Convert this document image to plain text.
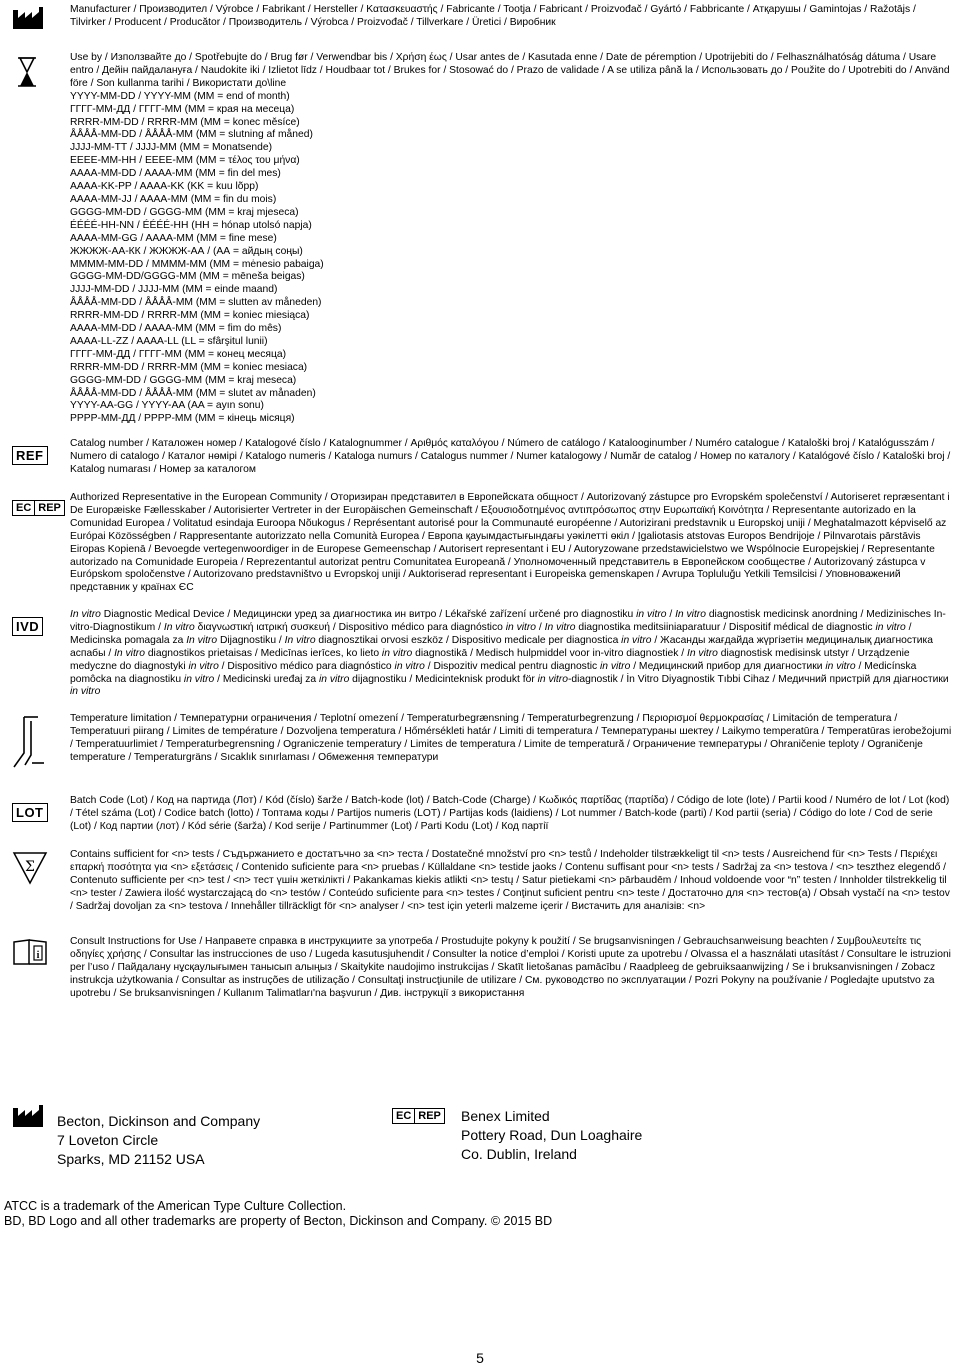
Manufacturer / Производител / Výrobce / Fabrikant / Hersteller / Κατασκευαστής / Fabricante / Tootja / Fabricant / Proizvođač / Gyártó / Fabbricante / Атқарушы / Gamintojas / Ražotājs / Tilvirker / Producent / Producător / Производитель / Výrobca / Proizvođač / Tillverkare / Üretici / Виробник

Use by / Използвайте до / Spotřebujte do / Brug før / Verwendbar bis / Χρήση έως / Usar antes de / Kasutada enne / Date de péremption / Upotrijebiti do / Felhasználhatóság dátuma / Usare entro / Дейін пайдалануға / Naudokite iki / Izlietot līdz / Houdbaar tot / Brukes for / Stosować do / Prazo de validade / A se utiliza până la / Использовать до / Použite do / Upotrebiti do / Använd före / Son kullanma tarihi / Використати до\line

YYYY-MM-DD / YYYY-MM (MM = end of month)
ГГГГ-ММ-ДД / ГГГГ-ММ (ММ = края на месеца)
RRRR-MM-DD / RRRR-MM (MM = konec měsíce)
ÅÅÅÅ-MM-DD / ÅÅÅÅ-MM (MM = slutning af måned)
JJJJ-MM-TT / JJJJ-MM (MM = Monatsende)
ΕΕΕΕ-ΜΜ-ΗΗ / ΕΕΕΕ-ΜΜ (ΜΜ = τέλος του μήνα)
AAAA-MM-DD / AAAA-MM (MM = fin del mes)
AAAA-KK-PP / AAAA-KK (KK = kuu lõpp)
AAAA-MM-JJ / AAAA-MM (MM = fin du mois)
GGGG-MM-DD / GGGG-MM (MM = kraj mjeseca)
ÉÉÉÉ-HH-NN / ÉÉÉÉ-HH (HH = hónap utolsó napja)
AAAA-MM-GG / AAAA-MM (MM = fine mese)
ЖЖЖЖ-АА-КК / ЖЖЖЖ-АА / (АА = айдың соңы)
MMMM-MM-DD / MMMM-MM (MM = mėnesio pabaiga)
GGGG-MM-DD/GGGG-MM (MM = mēneša beigas)
JJJJ-MM-DD / JJJJ-MM (MM = einde maand)
ÅÅÅÅ-MM-DD / ÅÅÅÅ-MM (MM = slutten av måneden)
RRRR-MM-DD / RRRR-MM (MM = koniec miesiąca)
AAAA-MM-DD / AAAA-MM (MM = fim do mês)
AAAA-LL-ZZ / AAAA-LL (LL = sfârşitul lunii)
ГГГГ-ММ-ДД / ГГГГ-ММ (ММ = конец месяца)
RRRR-MM-DD / RRRR-MM (MM = koniec mesiaca)
GGGG-MM-DD / GGGG-MM (MM = kraj meseca)
ÅÅÅÅ-MM-DD / ÅÅÅÅ-MM (MM = slutet av månaden)
YYYY-AA-GG / YYYY-AA (AA = ayın sonu)
РРРР-ММ-ДД / РРРР-ММ (ММ = кінець місяця)
REF
Catalog number / Каталожен номер / Katalogové číslo / Katalognummer / Αριθμός καταλόγου / Número de catálogo / Katalooginumber / Numéro catalogue / Kataloški broj / Katalógusszám / Numero di catalogo / Каталог нөмірі / Katalogo numeris / Kataloga numurs / Catalogus nummer / Numer katalogowy / Număr de catalog / Номер по каталогу / Katalógové číslo / Kataloški broj / Katalog numarası / Номер за каталогом
EC REP
Authorized Representative in the European Community / Оторизиран представител в Европейската общност / Autorizovaný zástupce pro Evropském společenství / Autoriseret repræsentant i De Europæiske Fællesskaber / Autorisierter Vertreter in der Europäischen Gemeinschaft / Εξουσιοδοτημένος αντιπρόσωπος στην Ευρωπαϊκή Κοινότητα / Representante autorizado en la Comunidad Europea / Volitatud esindaja Euroopa Nõukogus / Représentant autorisé pour la Communauté européenne / Autorizirani predstavnik u Europskoj uniji / Meghatalmazott képviselő az Európai Közösségben / Rappresentante autorizzato nella Comunità Europea / Европа қауымдастығындағы уәкілетті өкіл / Įgaliotasis atstovas Europos Bendrijoje / Pilnvarotais pārstāvis Eiropas Kopienā / Bevoegde vertegenwoordiger in de Europese Gemeenschap / Autorisert representant i EU / Autoryzowane przedstawicielstwo we Wspólnocie Europejskiej / Representante autorizado na Comunidade Europeia / Reprezentantul autorizat pentru Comunitatea Europeană / Уполномоченный представитель в Европейском сообществе / Autorizovaný zástupca v Európskom spoločenstve / Autorizovano predstavništvo u Evropskoj uniji / Auktoriserad representant i Europeiska gemenskapen / Avrupa Topluluğu Yetkili Temsilcisi / Уповноважений представник у країнах ЄС
IVD
In vitro Diagnostic Medical Device / Медицински уред за диагностика ин витро / Lékařské zařízení určené pro diagnostiku in vitro / In vitro diagnostisk medicinsk anordning / Medizinisches In-vitro-Diagnostikum / In vitro διαγνωστική ιατρική συσκευή / Dispositivo médico para diagnóstico in vitro / In vitro diagnostika meditsiiniaparatuur / Dispositif médical de diagnostic in vitro / Medicinska pomagala za In vitro Dijagnostiku / In vitro diagnosztikai orvosi eszköz / Dispositivo medicale per diagnostica in vitro / Жасанды жағдайда жүргізетін медициналық диагностика аспабы / In vitro diagnostikos prietaisas / Medicīnas ierīces, ko lieto in vitro diagnostikā / Medisch hulpmiddel voor in-vitro diagnostiek / In vitro diagnostisk medisinsk utstyr / Urządzenie medyczne do diagnostyki in vitro / Dispositivo médico para diagnóstico in vitro / Dispozitiv medical pentru diagnostic in vitro / Медицинский прибор для диагностики in vitro / Medicínska pomôcka na diagnostiku in vitro / Medicinski uređaj za in vitro dijagnostiku / Medicinteknisk produkt för in vitro-diagnostik / İn Vitro Diyagnostik Tıbbi Cihaz / Медичний пристрій для діагностики in vitro
Temperature limitation / Температурни ограничения / Teplotní omezení / Temperaturbegrænsning / Temperaturbegrenzung / Περιορισμοί θερμοκρασίας / Limitación de temperatura / Temperatuuri piirang / Limites de température / Dozvoljena temperatura / Hőmérsékleti határ / Limiti di temperatura / Температураны шектеу / Laikymo temperatūra / Temperatūras ierobežojumi / Temperatuurlimiet / Temperaturbegrensning / Ograniczenie temperatury / Limites de temperatura / Limite de temperatură / Ограничение температуры / Ohraničenie teploty / Ograničenje temperature / Temperaturgräns / Sıcaklık sınırlaması / Обмеження температури
LOT
Batch Code (Lot) / Код на партида (Лот) / Kód (číslo) šarže / Batch-kode (lot) / Batch-Code (Charge) / Κωδικός παρτίδας (παρτίδα) / Código de lote (lote) / Partii kood / Numéro de lot / Lot (kod) / Tétel száma (Lot) / Codice batch (lotto) / Топтама коды / Partijos numeris (LOT) / Partijas kods (laidiens) / Lot nummer / Batch-kode (parti) / Kod partii (seria) / Código do lote / Cod de serie (Lot) / Код партии (лот) / Kód série (šarža) / Kod serije / Partinummer (Lot) / Parti Kodu (Lot) / Код партії
Σ
Contains sufficient for <n> tests / Съдържанието е достатъчно за <n> теста / Dostatečné množství pro <n> testů / Indeholder tilstrækkeligt til <n> tests / Ausreichend für <n> Tests / Περιέχει επαρκή ποσότητα για <n> εξετάσεις / Contenido suficiente para <n> pruebas / Küllaldane <n> testide jaoks / Contenu suffisant pour <n> tests / Sadržaj za <n> testova / <n> teszthez elegendő / Contenuto sufficiente per <n> test / <n> тест үшін жеткілікті / Pakankamas kiekis atlikti <n> testų / Satur pietiekami <n> pārbaudēm / Inhoud voldoende voor “n” testen / Innholder tilstrekkelig til <n> tester / Zawiera ilość wystarczającą do <n> testów / Conteúdo suficiente para <n> testes / Conţinut suficient pentru <n> teste / Достаточно для <n> тестов(а) / Obsah vystačí na <n> testov / Sadržaj dovoljan za <n> testova / Innehåller tillräckligt för <n> analyser / <n> test için yeterli malzeme içerir / Вистачить для аналізів: <n>
i
Consult Instructions for Use / Направете справка в инструкциите за употреба / Prostudujte pokyny k použití / Se brugsanvisningen / Gebrauchsanweisung beachten / Συμβουλευτείτε τις οδηγίες χρήσης / Consultar las instrucciones de uso / Lugeda kasutusjuhendit / Consulter la notice d’emploi / Koristi upute za upotrebu / Olvassa el a használati utasítást / Consultare le istruzioni per l’uso / Пайдалану нұсқаулығымен танысып алыңыз / Skaitykite naudojimo instrukcijas / Skatīt lietošanas pamācību / Raadpleeg de gebruiksaanwijzing / Se i bruksanvisningen / Zobacz instrukcja użytkowania / Consultar as instruções de utilização / Consultaţi instrucţiunile de utilizare / См. руководство по эксплуатации / Pozri Pokyny na používanie / Pogledajte uputstvo za upotrebu / Se bruksanvisningen / Kullanım Talimatları'na başvurun / Див. інструкції з використання
Becton, Dickinson and Company
7 Loveton Circle
Sparks, MD 21152 USA
EC REP Benex Limited
Pottery Road, Dun Loaghaire
Co. Dublin, Ireland
ATCC is a trademark of the American Type Culture Collection.
BD, BD Logo and all other trademarks are property of Becton, Dickinson and Company. © 2015 BD
5
